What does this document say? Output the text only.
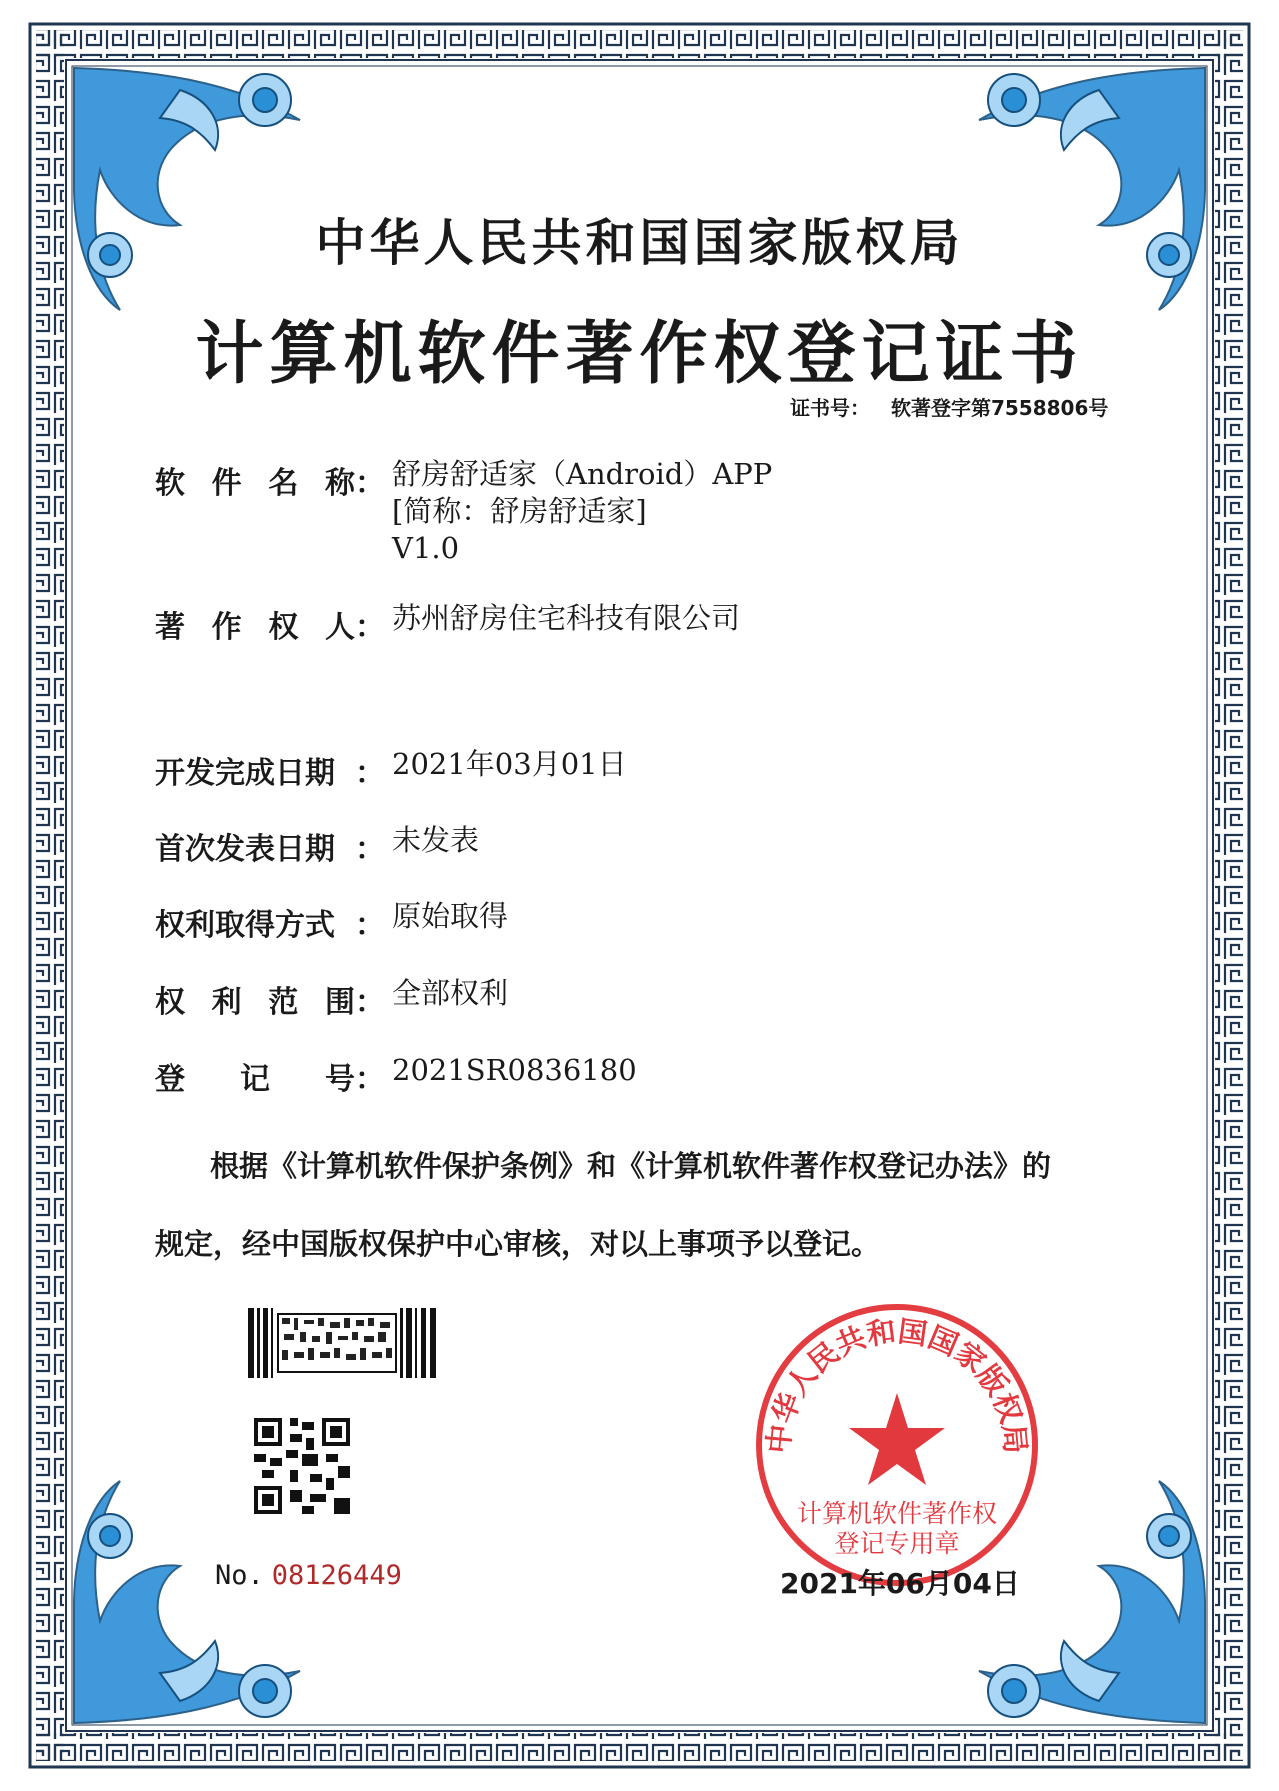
中华人民共和国国家版权局
计算机软件著作权登记证书
证书号： 软著登字第7558806号
软 件 名 称 ： 舒房舒适家（Android）APP
[简称：舒房舒适家]
V1.0
著 作 权 人 ： 苏州舒房住宅科技有限公司
开发完成日期 ： 2021年03月01日
首次发表日期 ： 未发表
权利取得方式 ： 原始取得
权 利 范 围 ： 全部权利
登 记 号 ： 2021SR0836180
根据《计算机软件保护条例》和《计算机软件著作权登记办法》的
规定，经中国版权保护中心审核，对以上事项予以登记。
No. 08126449
中华人民共和国国家版权局
计算机软件著作权
登记专用章
2021年06月04日
